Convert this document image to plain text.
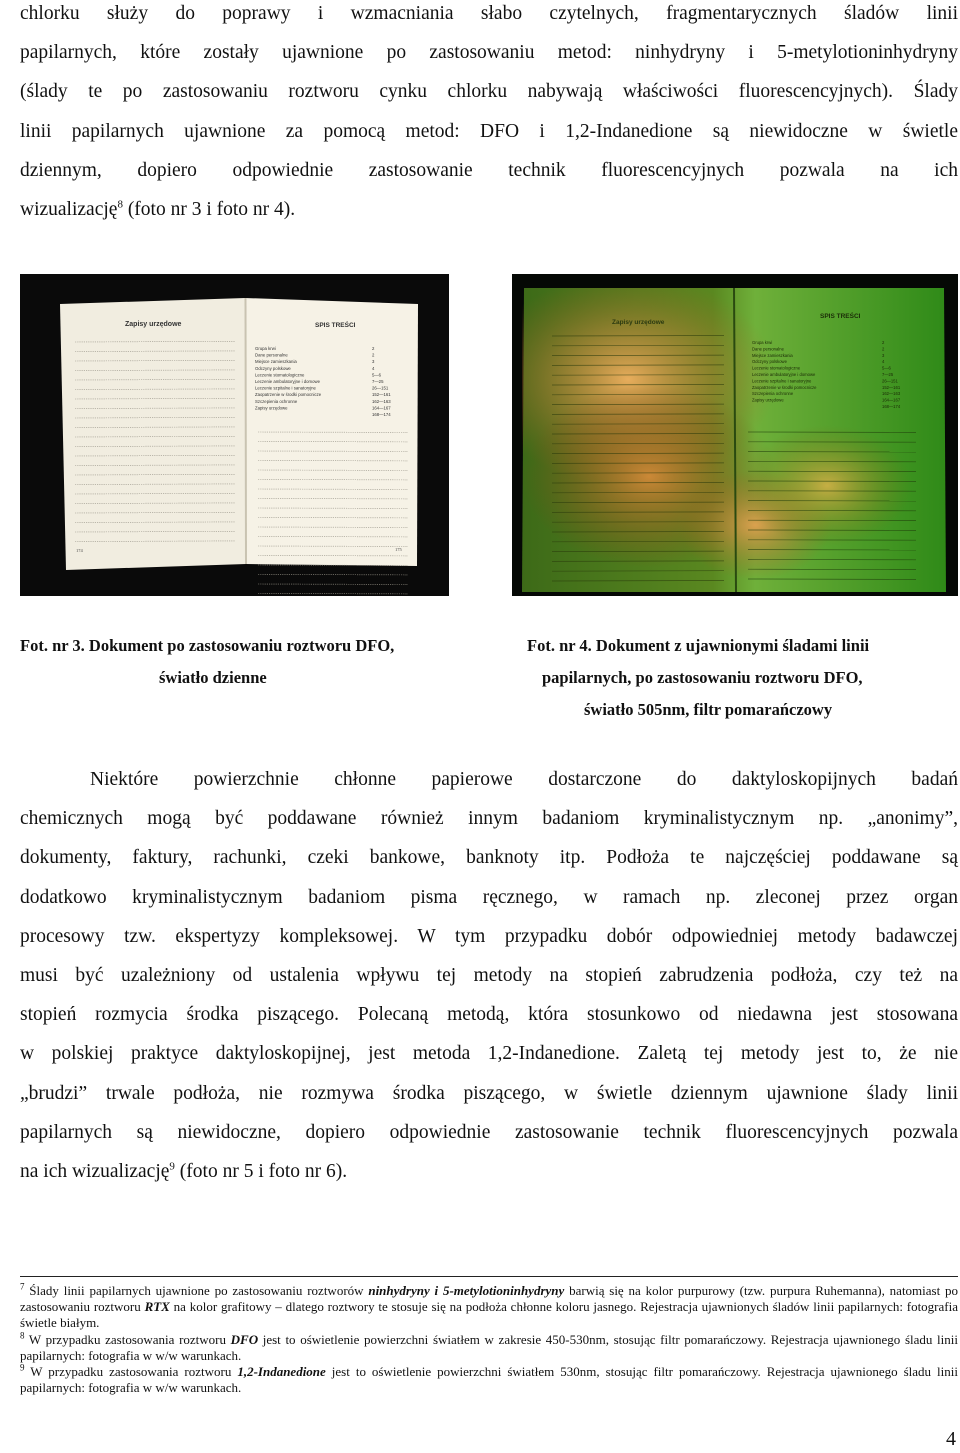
chlorku służy do poprawy i wzmacniania słabo czytelnych, fragmentarycznych śladów linii
papilarnych, które zostały ujawnione po zastosowaniu metod: ninhydryny i 5-metylotioninhydryny
(ślady te po zastosowaniu roztworu cynku chlorku nabywają właściwości fluorescencyjnych). Ślady
linii papilarnych ujawnione za pomocą metod: DFO i 1,2-Indanedione są niewidoczne w świetle
dziennym, dopiero odpowiednie zastosowanie technik fluorescencyjnych pozwala na ich
wizualizację$^8$ (foto nr 3 i foto nr 4).
Zapisy urzędowe	SPIS TREŚCI
Grupa krwi	2
Dane personalne	2
Miejsce zamieszkania	3
Odczyny polskowe	4
Leczenie stomatologiczne	5—6
Leczenie ambulatoryjne i domowe	7—25
Leczenie szpitalne i sanatoryjne	26—151
Zaopatrzenie w środki pomocnicze	152—161
Szczepienia ochronne	162—163
Zapisy urzędowe	164—167
168—174
174	175
Zapisy urzędowe
SPIS TREŚCI
Grupa krwi	2
Dane personalne	2
Miejsce zamieszkania	3
Odczyny polskowe	4
Leczenie stomatologiczne	5—6
Leczenie ambulatoryjne i domowe	7—25
Leczenie szpitalne i sanatoryjne	26—151
Zaopatrzenie w środki pomocnicze	152—161
Szczepienia ochronne	162—163
Zapisy urzędowe	164—167
168—174
Fot. nr 3. Dokument po zastosowaniu roztworu DFO,
światło dzienne
Fot. nr 4. Dokument z ujawnionymi śladami linii
papilarnych, po zastosowaniu roztworu DFO,
światło 505nm, filtr pomarańczowy
Niektóre powierzchnie chłonne papierowe dostarczone do daktyloskopijnych badań
chemicznych mogą być poddawane również innym badaniom kryminalistycznym np. „anonimy”,
dokumenty, faktury, rachunki, czeki bankowe, banknoty itp. Podłoża te najczęściej poddawane są
dodatkowo kryminalistycznym badaniom pisma ręcznego, w ramach np. zleconej przez organ
procesowy tzw. ekspertyzy kompleksowej. W tym przypadku dobór odpowiedniej metody badawczej
musi być uzależniony od ustalenia wpływu tej metody na stopień zabrudzenia podłoża, czy też na
stopień rozmycia środka piszącego. Polecaną metodą, która stosunkowo od niedawna jest stosowana
w polskiej praktyce daktyloskopijnej, jest metoda 1,2-Indanedione. Zaletą tej metody jest to, że nie
„brudzi” trwale podłoża, nie rozmywa środka piszącego, w świetle dziennym ujawnione ślady linii
papilarnych są niewidoczne, dopiero odpowiednie zastosowanie technik fluorescencyjnych pozwala
na ich wizualizację$^9$ (foto nr 5 i foto nr 6).
$^7$ Ślady linii papilarnych ujawnione po zastosowaniu roztworów ninhydryny i 5-metylotioninhydryny barwią się na kolor purpurowy (tzw. purpura Ruhemanna), natomiast po zastosowaniu roztworu RTX na kolor grafitowy – dlatego roztwory te stosuje się na podłoża chłonne koloru jasnego. Rejestracja ujawnionych śladów linii papilarnych: fotografia świetle białym.
$^8$ W przypadku zastosowania roztworu DFO jest to oświetlenie powierzchni światłem w zakresie 450-530nm, stosując filtr pomarańczowy. Rejestracja ujawnionego śladu linii papilarnych: fotografia w w/w warunkach.
$^9$ W przypadku zastosowania roztworu 1,2-Indanedione jest to oświetlenie powierzchni światłem 530nm, stosując filtr pomarańczowy. Rejestracja ujawnionego śladu linii papilarnych: fotografia w w/w warunkach.
4
